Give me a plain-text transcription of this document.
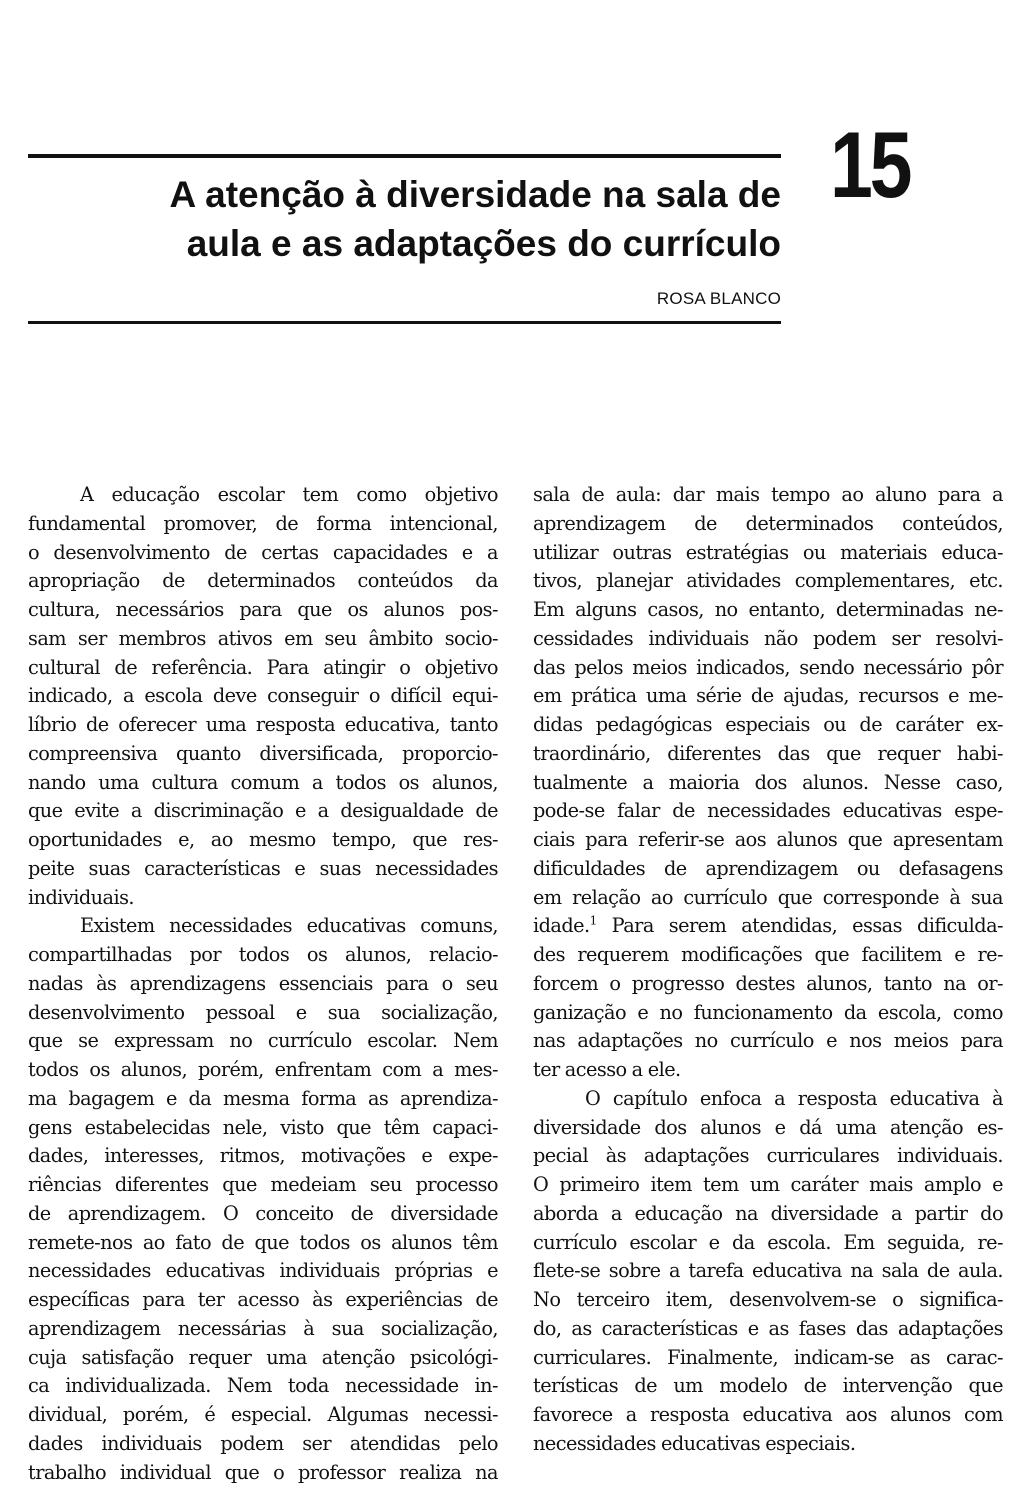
15
A atenção à diversidade na sala de
aula e as adaptações do currículo
ROSA BLANCO
A educação escolar tem como objetivo
fundamental promover, de forma intencional,
o desenvolvimento de certas capacidades e a
apropriação de determinados conteúdos da
cultura, necessários para que os alunos pos-
sam ser membros ativos em seu âmbito socio-
cultural de referência. Para atingir o objetivo
indicado, a escola deve conseguir o difícil equi-
líbrio de oferecer uma resposta educativa, tanto
compreensiva quanto diversificada, proporcio-
nando uma cultura comum a todos os alunos,
que evite a discriminação e a desigualdade de
oportunidades e, ao mesmo tempo, que res-
peite suas características e suas necessidades
individuais.
Existem necessidades educativas comuns,
compartilhadas por todos os alunos, relacio-
nadas às aprendizagens essenciais para o seu
desenvolvimento pessoal e sua socialização,
que se expressam no currículo escolar. Nem
todos os alunos, porém, enfrentam com a mes-
ma bagagem e da mesma forma as aprendiza-
gens estabelecidas nele, visto que têm capaci-
dades, interesses, ritmos, motivações e expe-
riências diferentes que medeiam seu processo
de aprendizagem. O conceito de diversidade
remete-nos ao fato de que todos os alunos têm
necessidades educativas individuais próprias e
específicas para ter acesso às experiências de
aprendizagem necessárias à sua socialização,
cuja satisfação requer uma atenção psicológi-
ca individualizada. Nem toda necessidade in-
dividual, porém, é especial. Algumas necessi-
dades individuais podem ser atendidas pelo
trabalho individual que o professor realiza na
sala de aula: dar mais tempo ao aluno para a
aprendizagem de determinados conteúdos,
utilizar outras estratégias ou materiais educa-
tivos, planejar atividades complementares, etc.
Em alguns casos, no entanto, determinadas ne-
cessidades individuais não podem ser resolvi-
das pelos meios indicados, sendo necessário pôr
em prática uma série de ajudas, recursos e me-
didas pedagógicas especiais ou de caráter ex-
traordinário, diferentes das que requer habi-
tualmente a maioria dos alunos. Nesse caso,
pode-se falar de necessidades educativas espe-
ciais para referir-se aos alunos que apresentam
dificuldades de aprendizagem ou defasagens
em relação ao currículo que corresponde à sua
idade.$^1$ Para serem atendidas, essas dificulda-
des requerem modificações que facilitem e re-
forcem o progresso destes alunos, tanto na or-
ganização e no funcionamento da escola, como
nas adaptações no currículo e nos meios para
ter acesso a ele.
O capítulo enfoca a resposta educativa à
diversidade dos alunos e dá uma atenção es-
pecial às adaptações curriculares individuais.
O primeiro item tem um caráter mais amplo e
aborda a educação na diversidade a partir do
currículo escolar e da escola. Em seguida, re-
flete-se sobre a tarefa educativa na sala de aula.
No terceiro item, desenvolvem-se o significa-
do, as características e as fases das adaptações
curriculares. Finalmente, indicam-se as carac-
terísticas de um modelo de intervenção que
favorece a resposta educativa aos alunos com
necessidades educativas especiais.
